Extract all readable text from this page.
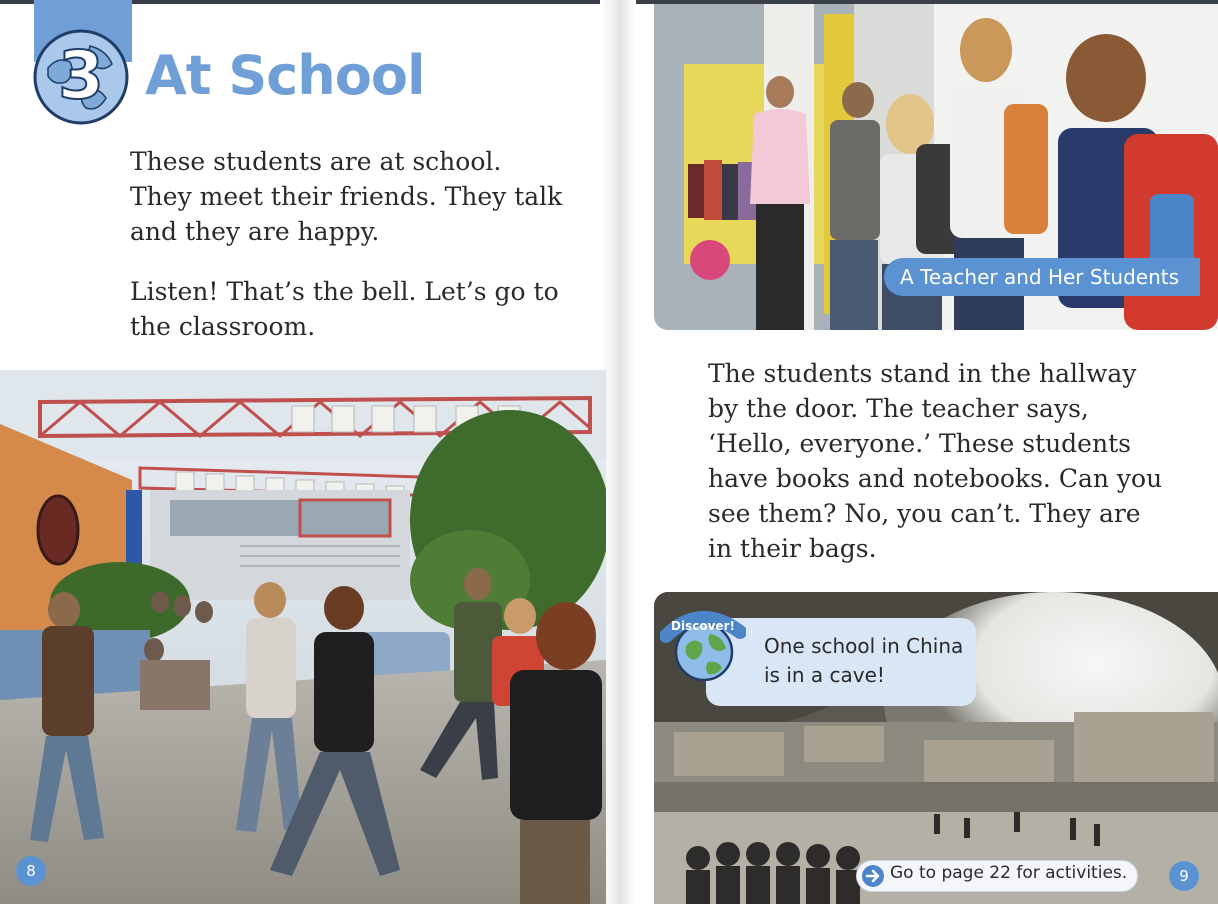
3 At School

These students are at school. They meet their friends. They talk and they are happy.

Listen! That’s the bell. Let’s go to the classroom.

A Teacher and Her Students

The students stand in the hallway by the door. The teacher says, ‘Hello, everyone.’ These students have books and notebooks. Can you see them? No, you can’t. They are in their bags.

Discover!
One school in China is in a cave!
Go to page 22 for activities.
8	9
